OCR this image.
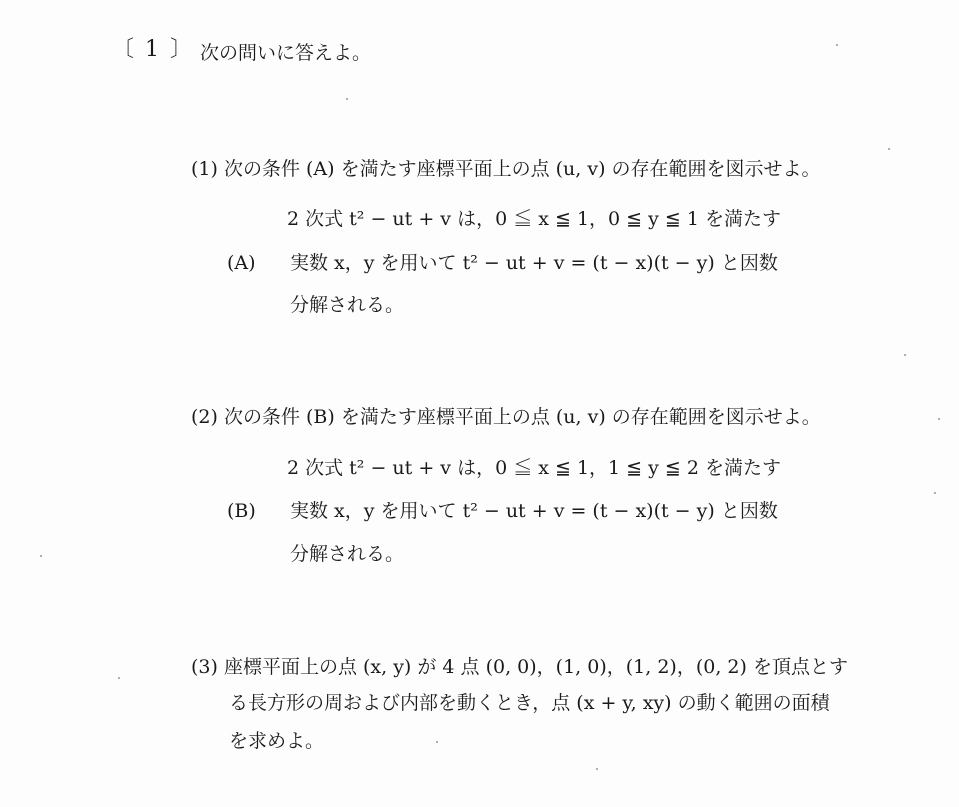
〔 1 〕 次の問いに答えよ。
(1) 次の条件 (A) を満たす座標平面上の点 (u, v) の存在範囲を図示せよ。
2 次式 t² − ut + v は，0 ≦ x ≦ 1，0 ≦ y ≦ 1 を満たす
(A) 実数 x，y を用いて t² − ut + v = (t − x)(t − y) と因数
分解される。
(2) 次の条件 (B) を満たす座標平面上の点 (u, v) の存在範囲を図示せよ。
2 次式 t² − ut + v は，0 ≦ x ≦ 1，1 ≦ y ≦ 2 を満たす
(B) 実数 x，y を用いて t² − ut + v = (t − x)(t − y) と因数
分解される。
(3) 座標平面上の点 (x, y) が 4 点 (0, 0)，(1, 0)，(1, 2)，(0, 2) を頂点とす
る長方形の周および内部を動くとき，点 (x + y, xy) の動く範囲の面積
を求めよ。
